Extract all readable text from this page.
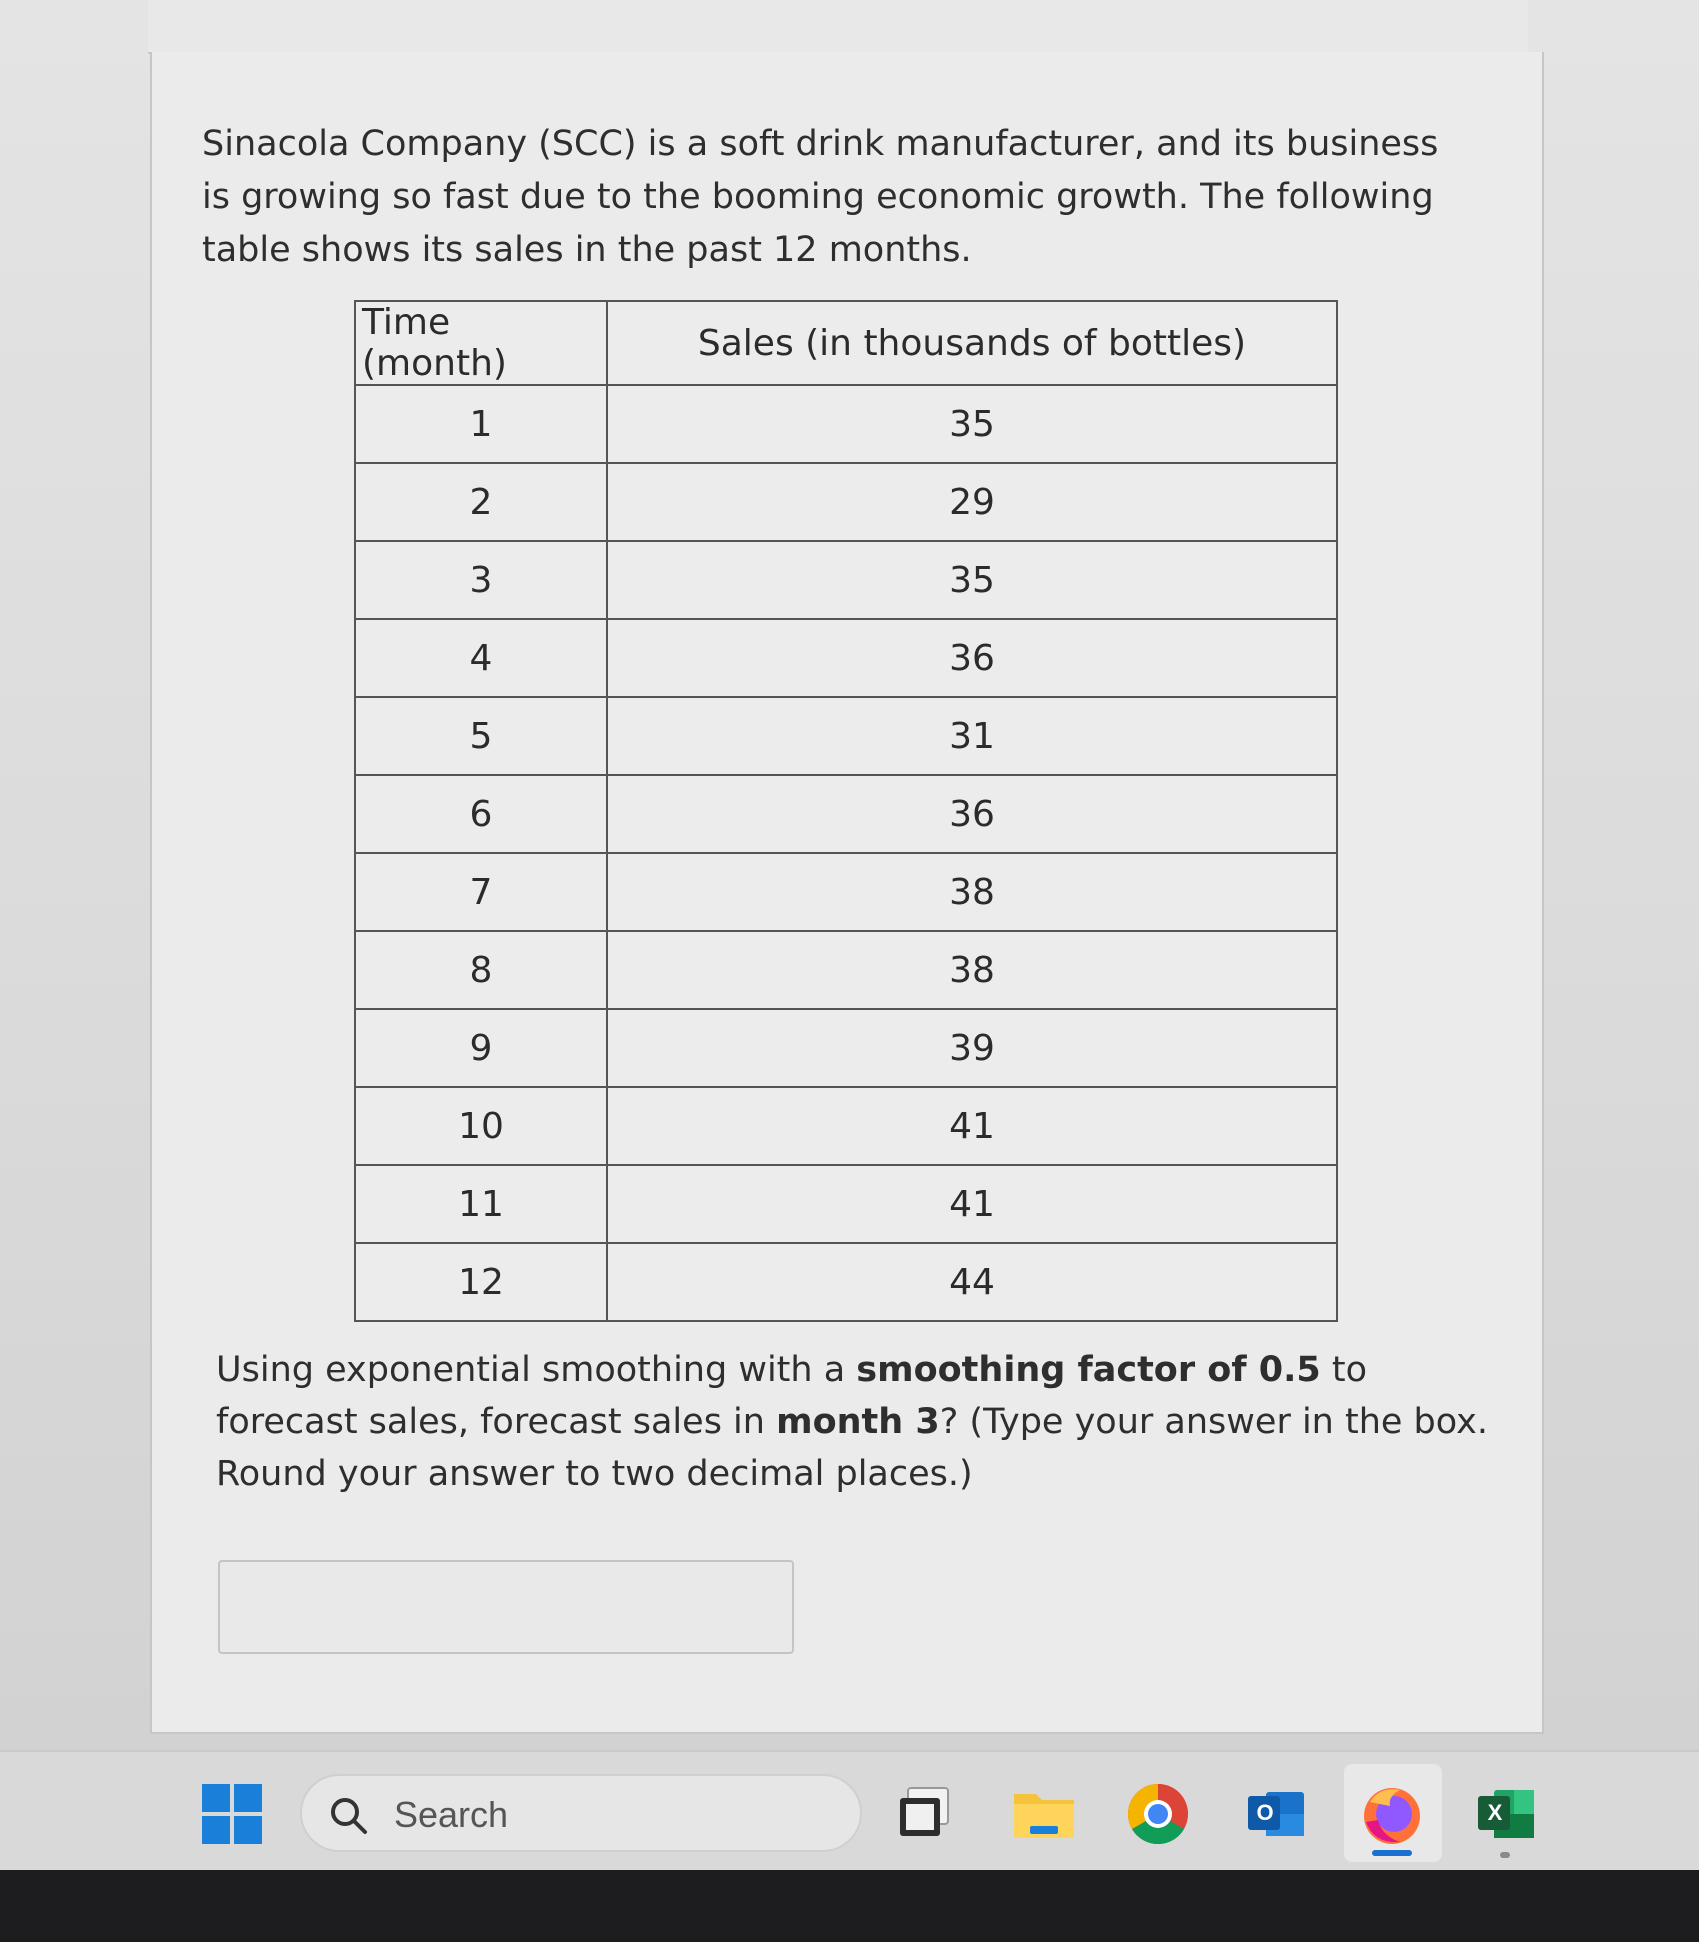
Sinacola Company (SCC) is a soft drink manufacturer, and its business is growing so fast due to the booming economic growth. The following table shows its sales in the past 12 months.
Time (month)	Sales (in thousands of bottles)
1	35
2	29
3	35
4	36
5	31
6	36
7	38
8	38
9	39
10	41
11	41
12	44
Using exponential smoothing with a smoothing factor of 0.5 to forecast sales, forecast sales in month 3? (Type your answer in the box. Round your answer to two decimal places.)
Search	O	X
